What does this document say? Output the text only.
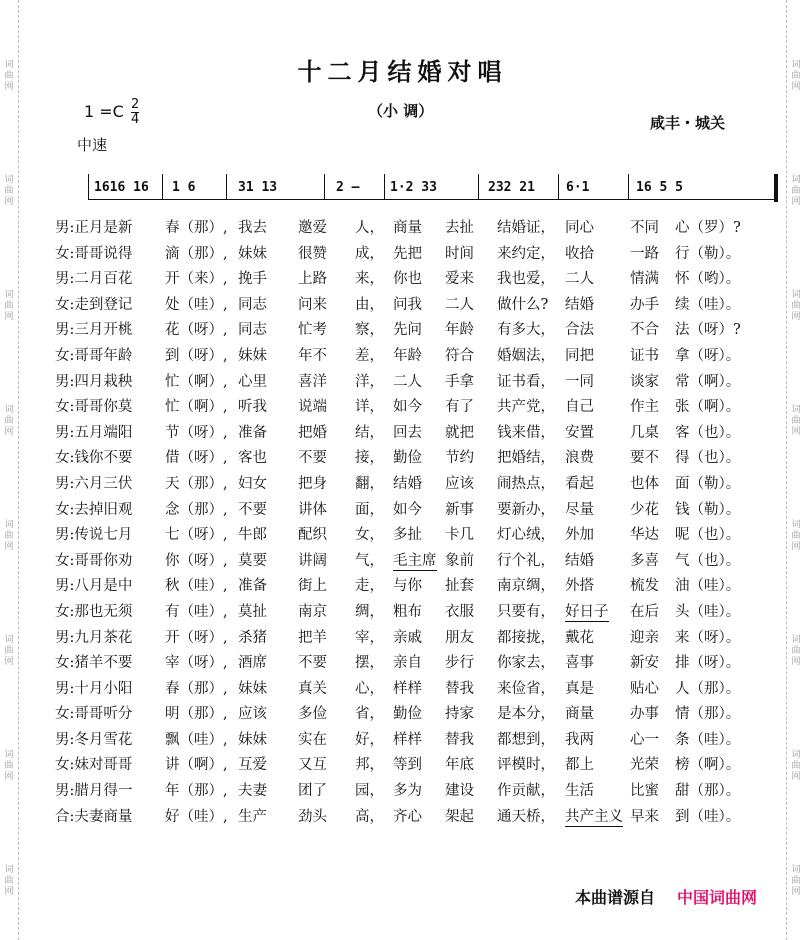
词曲网
词曲网
词曲网
词曲网
词曲网
词曲网
词曲网
词曲网
词曲网
词曲网
词曲网
词曲网
词曲网
词曲网
词曲网
词曲网
十二月结婚对唱
$1 =C \frac{2}{4}$	（小 调）
咸丰・城关
中速
1616 16 1 6	31 13	2 — 1·2 33	232 21 6·1	16 5 5
男:正月是新 春（那）, 我去 邀爱 人， 商量 去扯 结婚证， 同心 不同 心（罗）?
女:哥哥说得 滴（那）, 妹妹 很赞 成， 先把 时间 来约定， 收拾 一路 行（勒）。
男:二月百花 开（来）, 挽手 上路 来， 你也 爱来 我也爱， 二人 情满 怀（哟）。
女:走到登记 处（哇）, 同志 问来 由， 问我 二人 做什么? 结婚 办手 续（哇）。
男:三月开桃 花（呀）, 同志 忙考 察， 先问 年龄 有多大， 合法 不合 法（呀）?
女:哥哥年龄 到（呀）, 妹妹 年不 差， 年龄 符合 婚姻法， 同把 证书 拿（呀）。
男:四月栽秧 忙（啊）, 心里 喜洋 洋， 二人 手拿 证书看， 一同 谈家 常（啊）。
女:哥哥你莫 忙（啊）, 听我 说端 详， 如今 有了 共产党， 自己 作主 张（啊）。
男:五月端阳 节（呀）, 准备 把婚 结， 回去 就把 钱来借， 安置 几桌 客（也）。
女:钱你不要 借（呀）, 客也 不要 接， 勤俭 节约 把婚结， 浪费 要不 得（也）。
男:六月三伏 天（那）, 妇女 把身 翻， 结婚 应该 闹热点， 看起 也体 面（勒）。
女:去掉旧观 念（那）, 不要 讲体 面， 如今 新事 要新办， 尽量 少花 钱（勒）。
男:传说七月 七（呀）, 牛郎 配织 女， 多扯 卡几 灯心绒， 外加 华达 呢（也）。
女:哥哥你劝 你（呀）, 莫要 讲阔 气， 毛主席 象前 行个礼， 结婚 多喜 气（也）。
男:八月是中 秋（哇）, 准备 街上 走， 与你 扯套 南京绸， 外搭 梳发 油（哇）。
女:那也无须 有（哇）, 莫扯 南京 绸， 粗布 衣服 只要有， 好日子 在后 头（哇）。
男:九月茶花 开（呀）, 杀猪 把羊 宰， 亲戚 朋友 都接拢， 戴花 迎亲 来（呀）。
女:猪羊不要 宰（呀）, 酒席 不要 摆， 亲自 步行 你家去， 喜事 新安 排（呀）。
男:十月小阳 春（那）, 妹妹 真关 心， 样样 替我 来俭省， 真是 贴心 人（那）。
女:哥哥听分 明（那）, 应该 多俭 省， 勤俭 持家 是本分， 商量 办事 情（那）。
男:冬月雪花 飘（哇）, 妹妹 实在 好， 样样 替我 都想到， 我两 心一 条（哇）。
女:妹对哥哥 讲（啊）, 互爱 又互 邦， 等到 年底 评模时， 都上 光荣 榜（啊）。
男:腊月得一 年（那）, 夫妻 团了 园， 多为 建设 作贡献， 生活 比蜜 甜（那）。
合:夫妻商量 好（哇）, 生产 劲头 高， 齐心 架起 通天桥， 共产主义 早来 到（哇）。
本曲谱源自 中国词曲网
